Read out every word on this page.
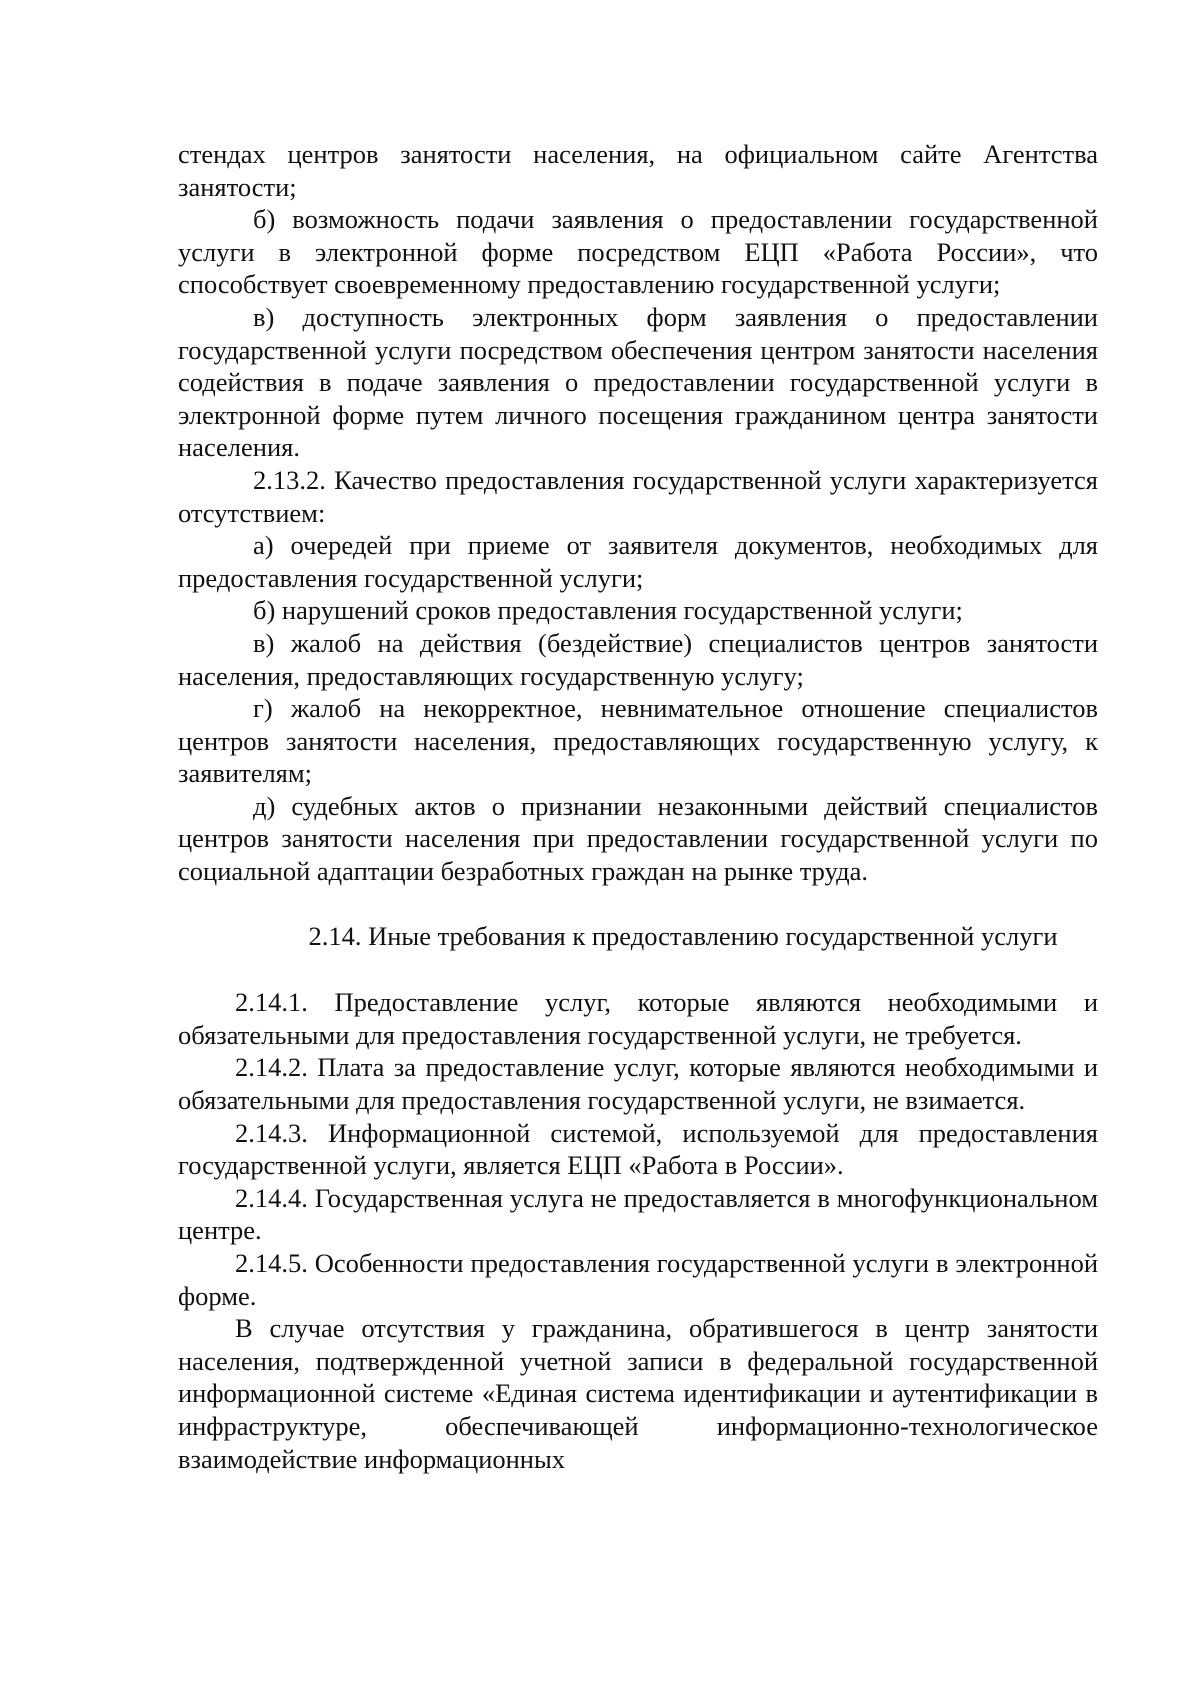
стендах центров занятости населения, на официальном сайте Агентства занятости;

б) возможность подачи заявления о предоставлении государственной услуги в электронной форме посредством ЕЦП «Работа России», что способствует своевременному предоставлению государственной услуги;

в) доступность электронных форм заявления о предоставлении государственной услуги посредством обеспечения центром занятости населения содействия в подаче заявления о предоставлении государственной услуги в электронной форме путем личного посещения гражданином центра занятости населения.

2.13.2. Качество предоставления государственной услуги характеризуется отсутствием:

а) очередей при приеме от заявителя документов, необходимых для предоставления государственной услуги;

б) нарушений сроков предоставления государственной услуги;

в) жалоб на действия (бездействие) специалистов центров занятости населения, предоставляющих государственную услугу;

г) жалоб на некорректное, невнимательное отношение специалистов центров занятости населения, предоставляющих государственную услугу, к заявителям;

д) судебных актов о признании незаконными действий специалистов центров занятости населения при предоставлении государственной услуги по социальной адаптации безработных граждан на рынке труда.

2.14. Иные требования к предоставлению государственной услуги

2.14.1. Предоставление услуг, которые являются необходимыми и обязательными для предоставления государственной услуги, не требуется.

2.14.2. Плата за предоставление услуг, которые являются необходимыми и обязательными для предоставления государственной услуги, не взимается.

2.14.3. Информационной системой, используемой для предоставления государственной услуги, является ЕЦП «Работа в России».

2.14.4. Государственная услуга не предоставляется в многофункциональном центре.

2.14.5. Особенности предоставления государственной услуги в электронной форме.

В случае отсутствия у гражданина, обратившегося в центр занятости населения, подтвержденной учетной записи в федеральной государственной информационной системе «Единая система идентификации и аутентификации в инфраструктуре, обеспечивающей информационно-технологическое взаимодействие информационных
